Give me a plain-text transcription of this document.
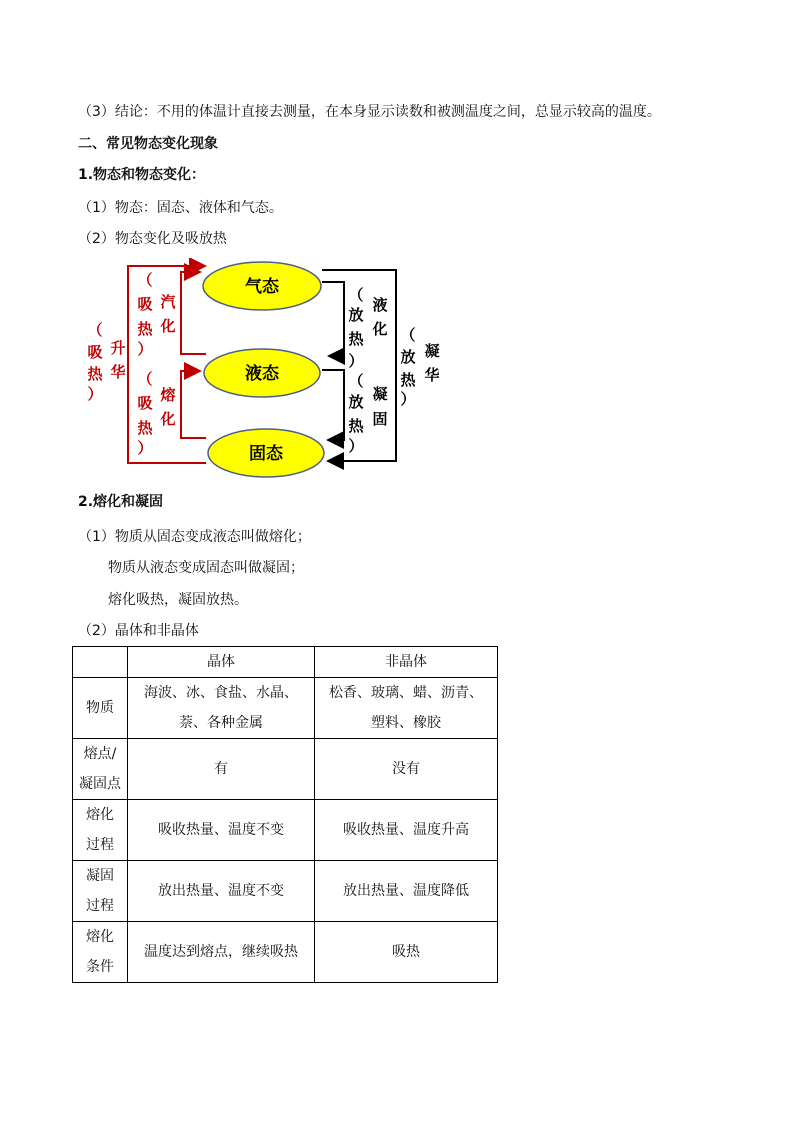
（3）结论：不用的体温计直接去测量，在本身显示读数和被测温度之间，总显示较高的温度。
二、常见物态变化现象
1.物态和物态变化：
（1）物态：固态、液体和气态。
（2）物态变化及吸放热
气态
液态
固态
（
吸
热
）
升
华
（
吸
热
）
汽
化
（
吸
热
）
熔
化
（
放
热
）
液
化
（
放
热
）
凝
固
（
放
热
）
凝
华
2.熔化和凝固
（1）物质从固态变成液态叫做熔化；
物质从液态变成固态叫做凝固；
熔化吸热，凝固放热。
（2）晶体和非晶体
	晶体	非晶体
物质	海波、冰、食盐、水晶、
萘、各种金属	松香、玻璃、蜡、沥青、
塑料、橡胶
熔点/
凝固点	有	没有
熔化
过程	吸收热量、温度不变	吸收热量、温度升高
凝固
过程	放出热量、温度不变	放出热量、温度降低
熔化
条件	温度达到熔点，继续吸热	吸热
